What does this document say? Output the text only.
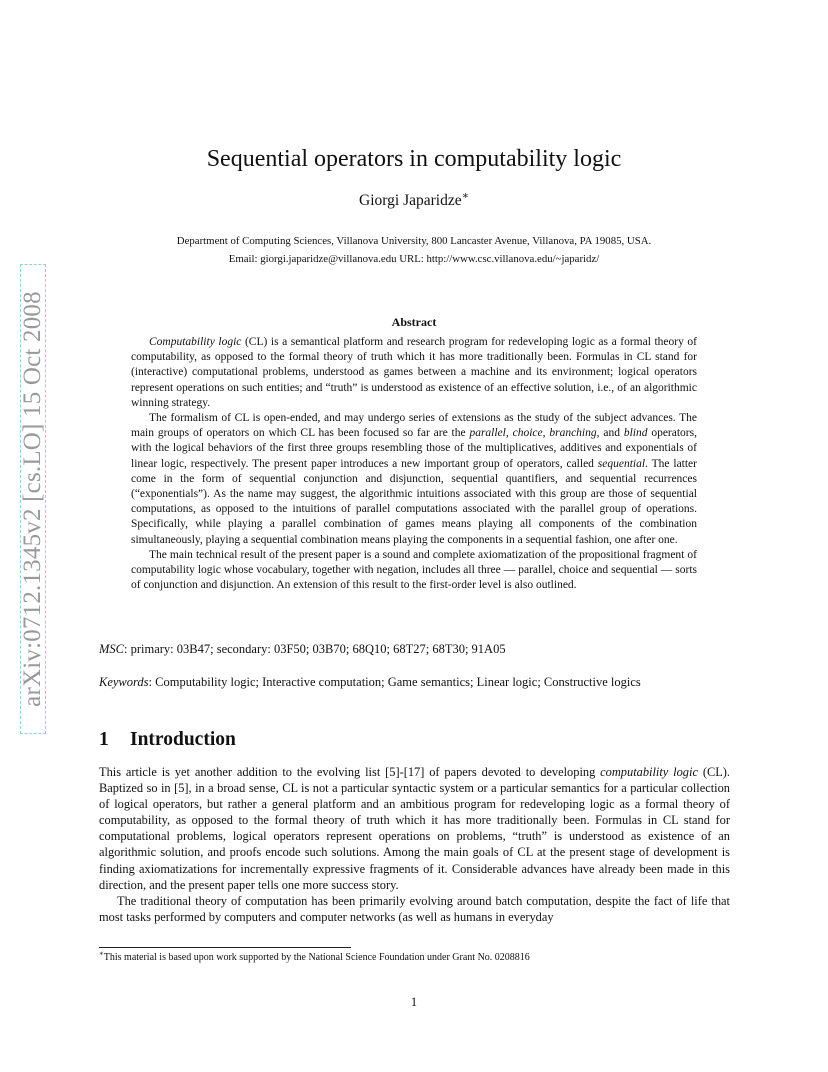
arXiv:0712.1345v2 [cs.LO] 15 Oct 2008
Sequential operators in computability logic
Giorgi Japaridze∗
Department of Computing Sciences, Villanova University, 800 Lancaster Avenue, Villanova, PA 19085, USA.
Email: giorgi.japaridze@villanova.edu URL: http://www.csc.villanova.edu/~japaridz/
Abstract

Computability logic (CL) is a semantical platform and research program for redeveloping logic as a formal theory of computability, as opposed to the formal theory of truth which it has more traditionally been. Formulas in CL stand for (interactive) computational problems, understood as games between a machine and its environment; logical operators represent operations on such entities; and “truth” is understood as existence of an effective solution, i.e., of an algorithmic winning strategy.

The formalism of CL is open-ended, and may undergo series of extensions as the study of the subject advances. The main groups of operators on which CL has been focused so far are the parallel, choice, branching, and blind operators, with the logical behaviors of the first three groups resembling those of the multiplicatives, additives and exponentials of linear logic, respectively. The present paper introduces a new important group of operators, called sequential. The latter come in the form of sequential conjunction and disjunction, sequential quantifiers, and sequential recurrences (“exponentials”). As the name may suggest, the algorithmic intuitions associated with this group are those of sequential computations, as opposed to the intuitions of parallel computations associated with the parallel group of operations. Specifically, while playing a parallel combination of games means playing all components of the combination simultaneously, playing a sequential combination means playing the components in a sequential fashion, one after one.

The main technical result of the present paper is a sound and complete axiomatization of the propositional fragment of computability logic whose vocabulary, together with negation, includes all three — parallel, choice and sequential — sorts of conjunction and disjunction. An extension of this result to the first-order level is also outlined.

MSC: primary: 03B47; secondary: 03F50; 03B70; 68Q10; 68T27; 68T30; 91A05
Keywords: Computability logic; Interactive computation; Game semantics; Linear logic; Constructive logics
1 Introduction

This article is yet another addition to the evolving list [5]-[17] of papers devoted to developing computability logic (CL). Baptized so in [5], in a broad sense, CL is not a particular syntactic system or a particular semantics for a particular collection of logical operators, but rather a general platform and an ambitious program for redeveloping logic as a formal theory of computability, as opposed to the formal theory of truth which it has more traditionally been. Formulas in CL stand for computational problems, logical operators represent operations on problems, “truth” is understood as existence of an algorithmic solution, and proofs encode such solutions. Among the main goals of CL at the present stage of development is finding axiomatizations for incrementally expressive fragments of it. Considerable advances have already been made in this direction, and the present paper tells one more success story.

The traditional theory of computation has been primarily evolving around batch computation, despite the fact of life that most tasks performed by computers and computer networks (as well as humans in everyday

∗This material is based upon work supported by the National Science Foundation under Grant No. 0208816
1
